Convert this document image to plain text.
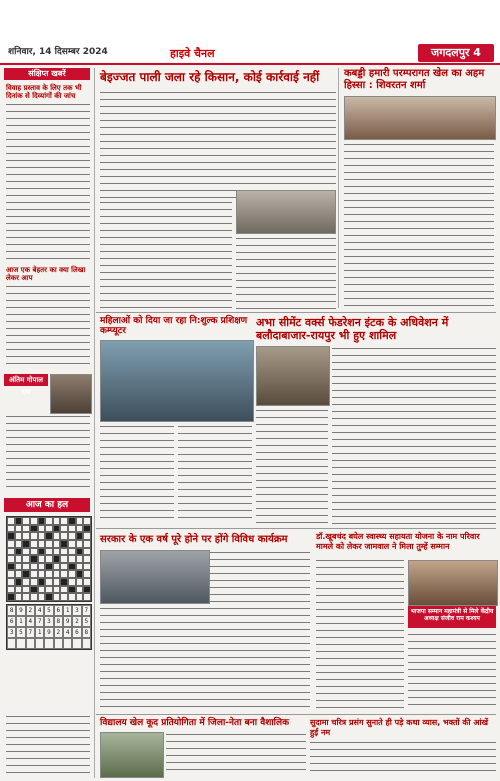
शनिवार, 14 दिसम्बर 2024	हाइवे चैनल	जगदलपुर 4
संक्षिप्त खबरें
विवाह प्रस्ताव के लिए तक भी दिनांक से दिव्यांगों की जांच
आज एक बेहतर का क्या लिखा लेकर आप
अंतिम गोपाल राय
आज का हल
8 9 2 4 5 6 1 3 7
6 1 4 7 3 8 9 2 5
3 5 7 1 9 2 4 6 8
बेइज्जत पाली जला रहे किसान, कोई कार्रवाई नहीं	कबड्डी हमारी परम्परागत खेल का अहम हिस्सा : शिवरतन शर्मा
महिलाओं को दिया जा रहा नि:शुल्क प्रशिक्षण कम्प्यूटर
अभा सीमेंट वर्क्स फेडरेशन इंटक के अधिवेशन में बलौदाबाजार-रायपुर भी हुए शामिल
सरकार के एक वर्ष पूरे होने पर होंगे विविध कार्यक्रम	डॉ.खूबचंद बघेल स्वास्थ्य सहायता योजना के नाम परिवार मामले को लेकर जामवाल ने मिला तुम्हें सम्मान
भाजपा सम्मान महामंत्री से मिले केंद्रीय अध्यक्ष संजीव राम कश्यप
विद्यालय खेल कूद प्रतियोगिता में जिला-नेता बना वैशालिक	सुदामा चरित्र प्रसंग सुनाते ही पड़े कथा व्यास, भक्तों की आंखें हुईं नम
